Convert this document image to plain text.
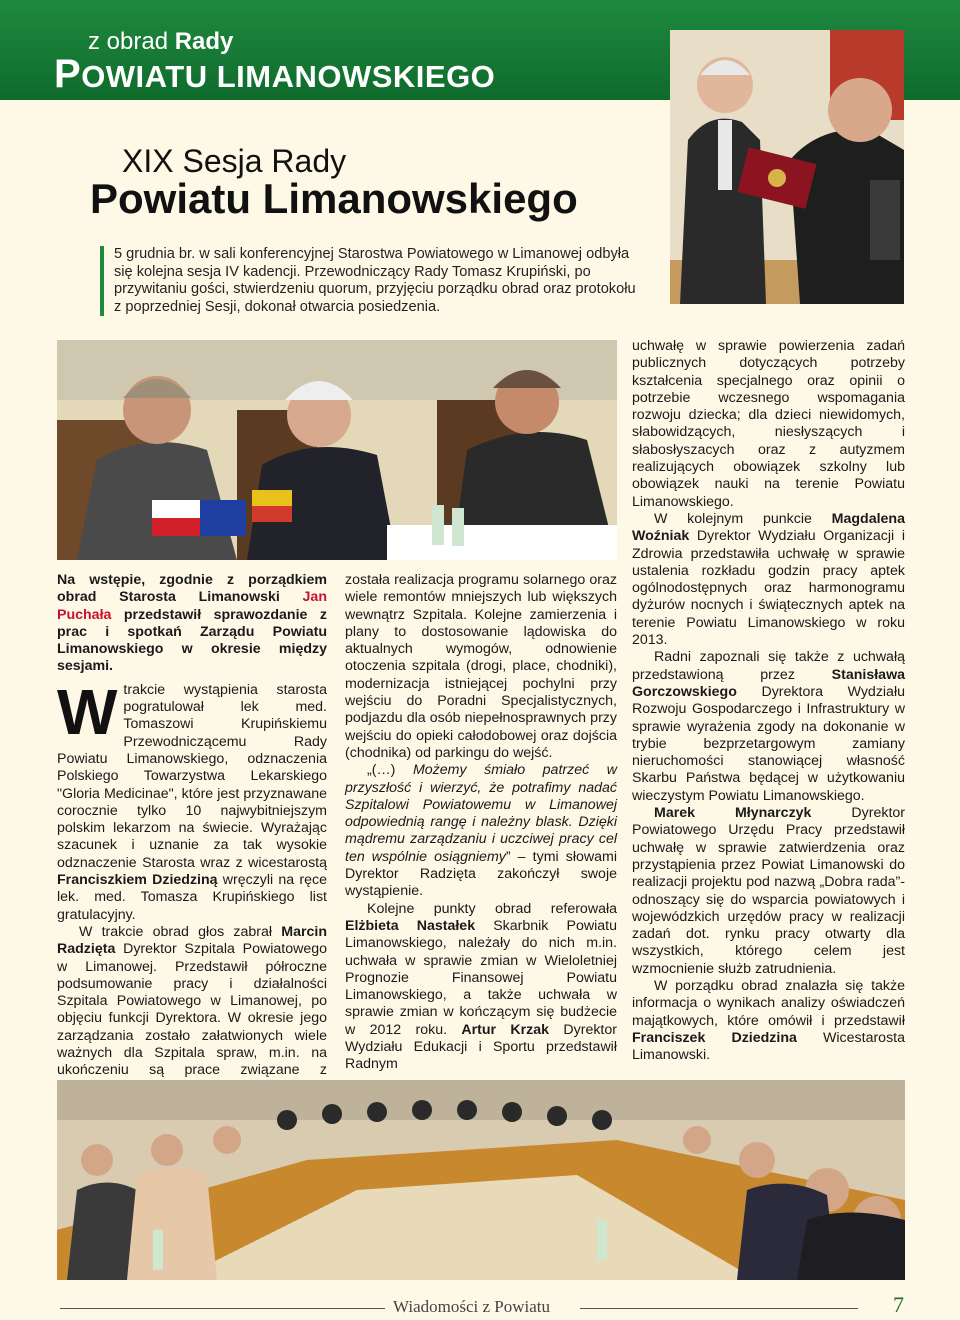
z obrad Rady
POWIATU LIMANOWSKIEGO
XIX Sesja Rady
Powiatu Limanowskiego
5 grudnia br. w sali konferencyjnej Starostwa Powiatowego w Limanowej odbyła się kolejna sesja IV kadencji. Przewodniczący Rady Tomasz Krupiński, po przywitaniu gości, stwierdzeniu quorum, przyjęciu porządku obrad oraz protokołu z poprzedniej Sesji, dokonał otwarcia posiedzenia.

Na wstępie, zgodnie z porządkiem obrad Starosta Limanowski Jan Puchała przedstawił sprawozdanie z prac i spotkań Zarządu Powiatu Limanowskiego w okresie między sesjami.

Wtrakcie wystąpienia starosta pogratulował lek med. Tomaszowi Krupińskiemu Przewodniczącemu Rady Powiatu Limanowskiego, odznaczenia Polskiego Towarzystwa Lekarskiego "Gloria Medicinae", które jest przyznawane corocznie tylko 10 najwybitniejszym polskim lekarzom na świecie. Wyrażając szacunek i uznanie za tak wysokie odznaczenie Starosta wraz z wicestarostą Franciszkiem Dziedziną wręczyli na ręce lek. med. Tomasza Krupińskiego list gratulacyjny.

W trakcie obrad głos zabrał Marcin Radzięta Dyrektor Szpitala Powiatowego w Limanowej. Przedstawił półroczne podsumowanie pracy i działalności Szpitala Powiatowego w Limanowej, po objęciu funkcji Dyrektora. W okresie jego zarządzania zostało załatwionych wiele ważnych dla Szpitala spraw, m.in. na ukończeniu są prace związane z

została realizacja programu solarnego oraz wiele remontów mniejszych lub większych wewnątrz Szpitala. Kolejne zamierzenia i plany to dostosowanie lądowiska do aktualnych wymogów, odnowienie otoczenia szpitala (drogi, place, chodniki), modernizacja istniejącej pochylni przy wejściu do Poradni Specjalistycznych, podjazdu dla osób niepełnosprawnych przy wejściu do opieki całodobowej oraz dojścia (chodnika) od parkingu do wejść.

„(…) Możemy śmiało patrzeć w przyszłość i wierzyć, że potrafimy nadać Szpitalowi Powiatowemu w Limanowej odpowiednią rangę i należny blask. Dzięki mądremu zarządzaniu i uczciwej pracy cel ten wspólnie osiągniemy” – tymi słowami Dyrektor Radzięta zakończył swoje wystąpienie.

Kolejne punkty obrad referowała Elżbieta Nastałek Skarbnik Powiatu Limanowskiego, należały do nich m.in. uchwała w sprawie zmian w Wieloletniej Prognozie Finansowej Powiatu Limanowskiego, a także uchwała w sprawie zmian w kończącym się budżecie w 2012 roku. Artur Krzak Dyrektor Wydziału Edukacji i Sportu przedstawił Radnym

uchwałę w sprawie powierzenia zadań publicznych dotyczących potrzeby kształcenia specjalnego oraz opinii o potrzebie wczesnego wspomagania rozwoju dziecka; dla dzieci niewidomych, słabowidzących, niesłyszących i słabosłyszacych oraz z autyzmem realizujących obowiązek szkolny lub obowiązek nauki na terenie Powiatu Limanowskiego.

W kolejnym punkcie Magdalena Woźniak Dyrektor Wydziału Organizacji i Zdrowia przedstawiła uchwałę w sprawie ustalenia rozkładu godzin pracy aptek ogólnodostępnych oraz harmonogramu dyżurów nocnych i świątecznych aptek na terenie Powiatu Limanowskiego w roku 2013.

Radni zapoznali się także z uchwałą przedstawioną przez Stanisława Gorczowskiego Dyrektora Wydziału Rozwoju Gospodarczego i Infrastruktury w sprawie wyrażenia zgody na dokonanie w trybie bezprzetargowym zamiany nieruchomości stanowiącej własność Skarbu Państwa będącej w użytkowaniu wieczystym Powiatu Limanowskiego.

Marek Młynarczyk Dyrektor Powiatowego Urzędu Pracy przedstawił uchwałę w sprawie zatwierdzenia oraz przystąpienia przez Powiat Limanowski do realizacji projektu pod nazwą „Dobra rada”- odnoszący się do wsparcia powiatowych i wojewódzkich urzędów pracy w realizacji zadań dot. rynku pracy otwarty dla wszystkich, którego celem jest wzmocnienie służb zatrudnienia.

W porządku obrad znalazła się także informacja o wynikach analizy oświadczeń majątkowych, które omówił i przedstawił Franciszek Dziedzina Wicestarosta Limanowski.

Wiadomości z Powiatu	7
